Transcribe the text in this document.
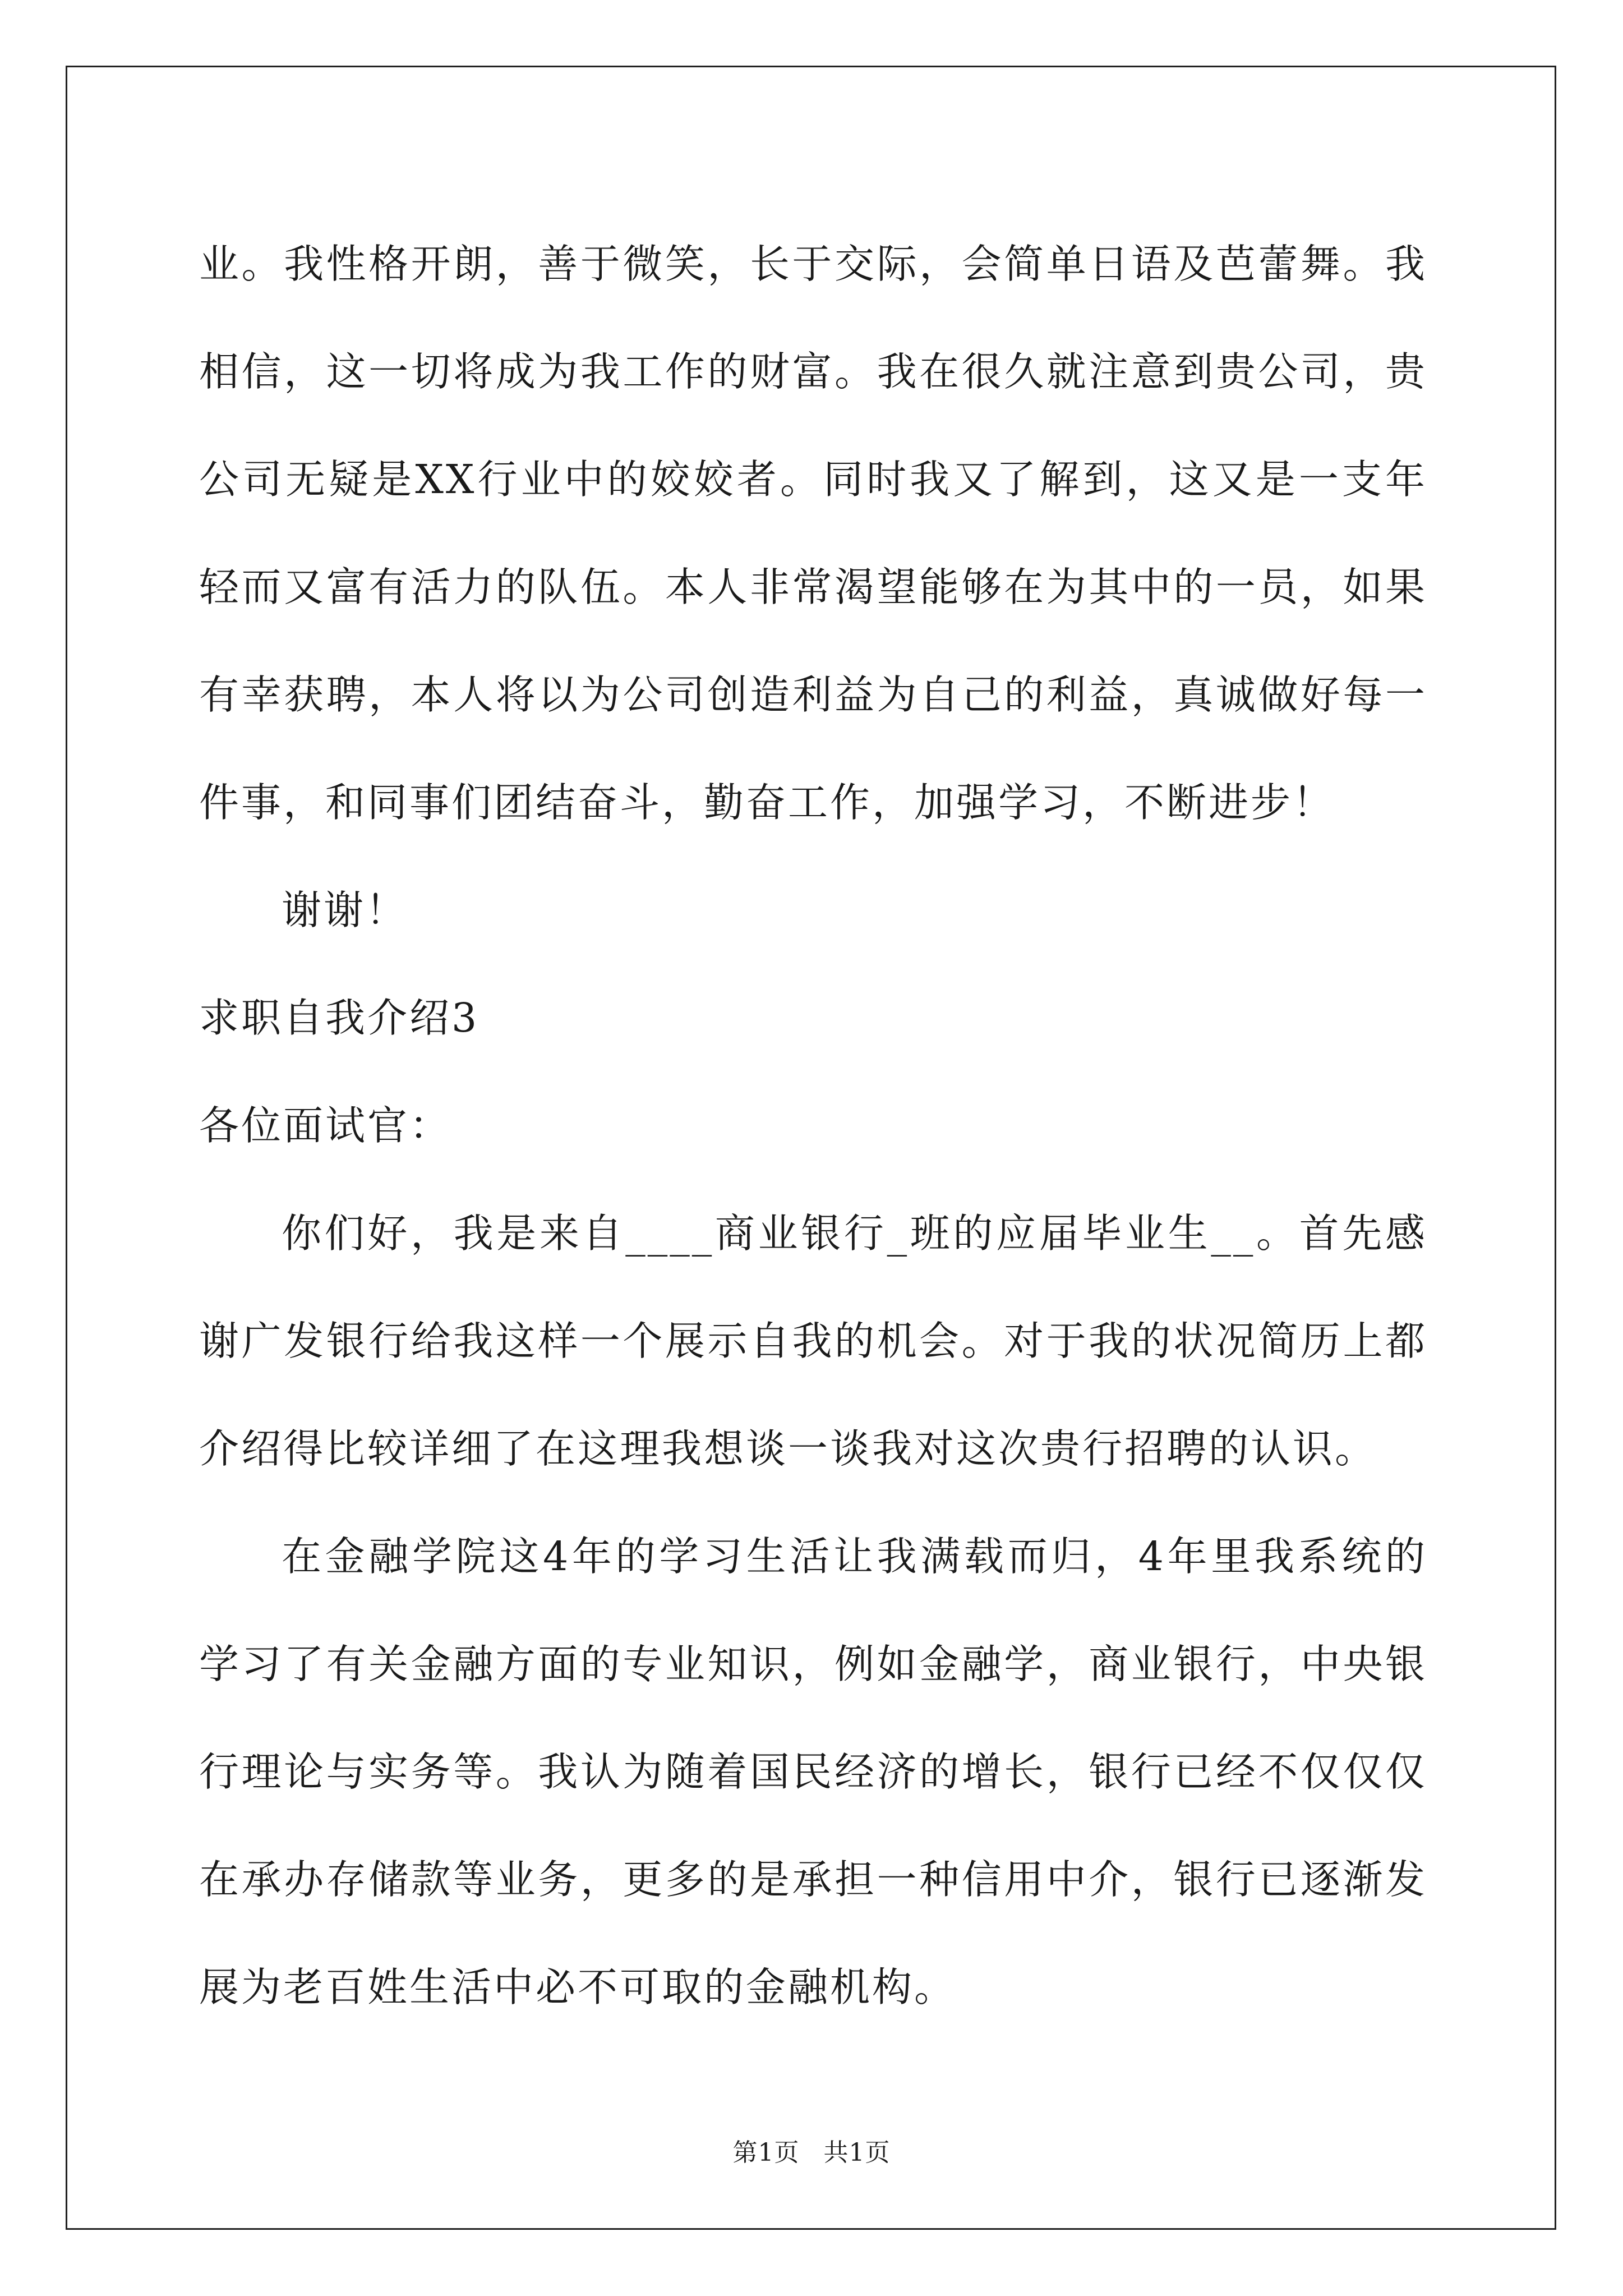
业。我性格开朗，善于微笑，长于交际，会简单日语及芭蕾舞。我相信，这一切将成为我工作的财富。我在很久就注意到贵公司，贵公司无疑是XX行业中的姣姣者。同时我又了解到，这又是一支年轻而又富有活力的队伍。本人非常渴望能够在为其中的一员，如果有幸获聘，本人将以为公司创造利益为自己的利益，真诚做好每一件事，和同事们团结奋斗，勤奋工作，加强学习，不断进步！

谢谢！

求职自我介绍3

各位面试官：

你们好，我是来自____商业银行_班的应届毕业生__。首先感谢广发银行给我这样一个展示自我的机会。对于我的状况简历上都介绍得比较详细了在这理我想谈一谈我对这次贵行招聘的认识。

在金融学院这4年的学习生活让我满载而归，4年里我系统的学习了有关金融方面的专业知识，例如金融学，商业银行，中央银行理论与实务等。我认为随着国民经济的增长，银行已经不仅仅仅在承办存储款等业务，更多的是承担一种信用中介，银行已逐渐发展为老百姓生活中必不可取的金融机构。

第1页 共1页
